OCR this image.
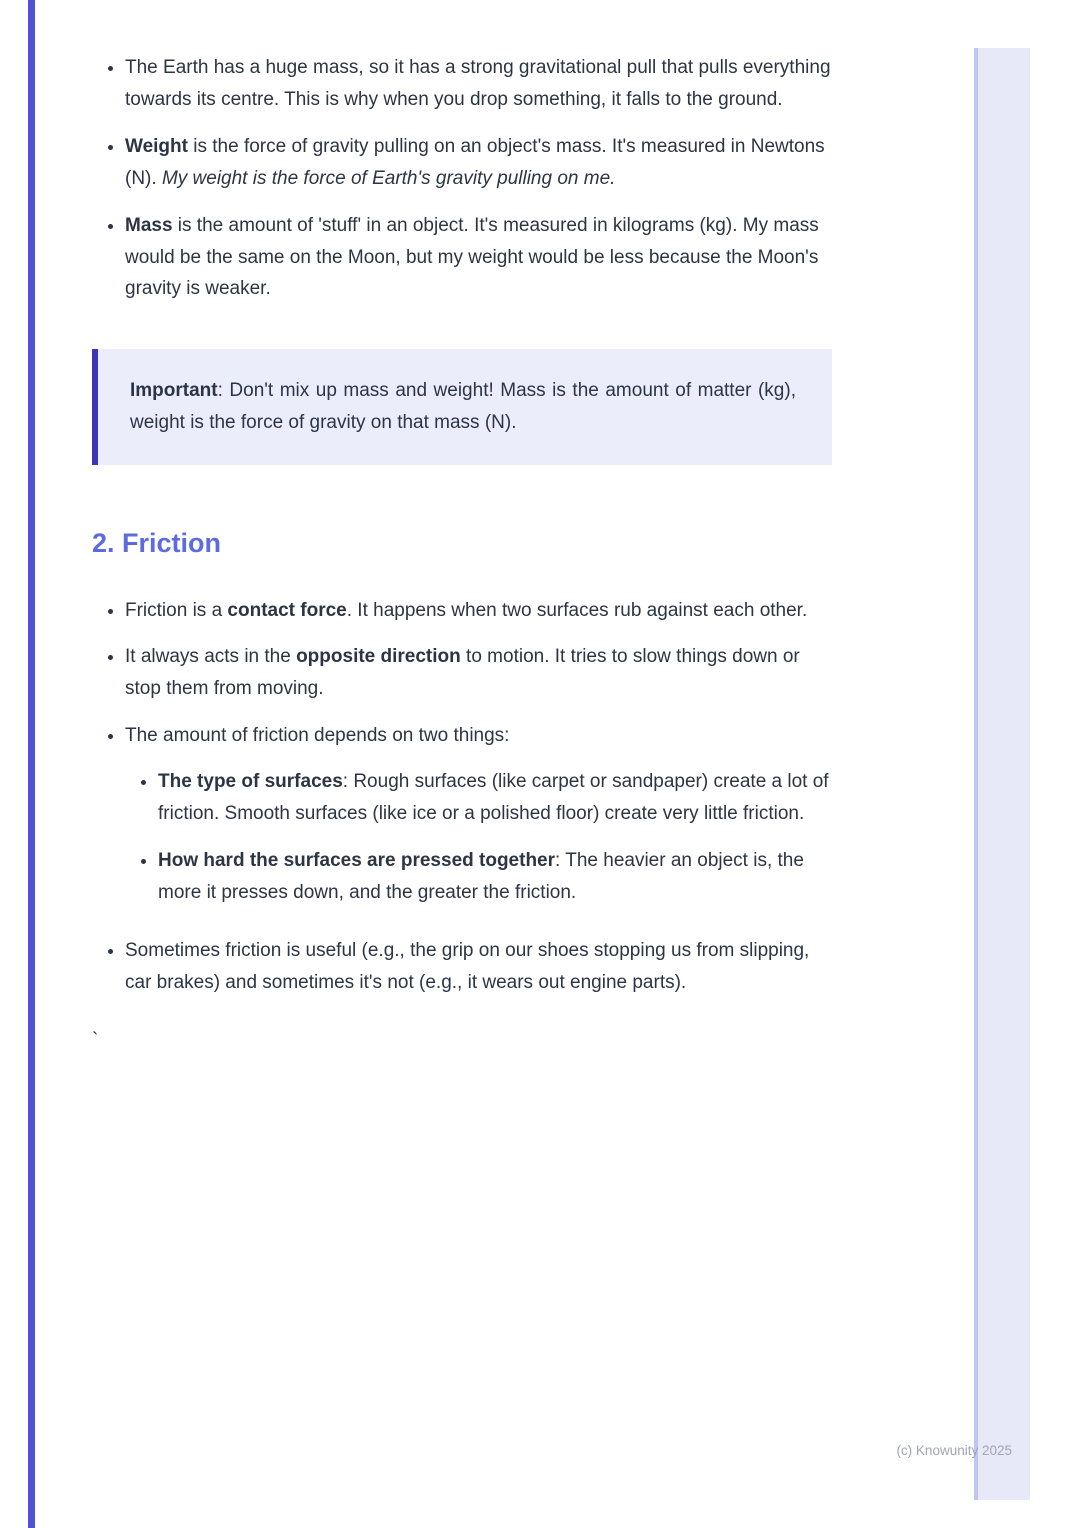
• The Earth has a huge mass, so it has a strong gravitational pull that pulls everything towards its centre. This is why when you drop something, it falls to the ground.
• Weight is the force of gravity pulling on an object's mass. It's measured in Newtons (N). My weight is the force of Earth's gravity pulling on me.
• Mass is the amount of 'stuff' in an object. It's measured in kilograms (kg). My mass would be the same on the Moon, but my weight would be less because the Moon's gravity is weaker.

Important: Don't mix up mass and weight! Mass is the amount of matter (kg), weight is the force of gravity on that mass (N).

2. Friction
• Friction is a contact force. It happens when two surfaces rub against each other.
• It always acts in the opposite direction to motion. It tries to slow things down or stop them from moving.
• The amount of friction depends on two things:
• The type of surfaces: Rough surfaces (like carpet or sandpaper) create a lot of friction. Smooth surfaces (like ice or a polished floor) create very little friction.
• How hard the surfaces are pressed together: The heavier an object is, the more it presses down, and the greater the friction.
• Sometimes friction is useful (e.g., the grip on our shoes stopping us from slipping, car brakes) and sometimes it's not (e.g., it wears out engine parts).
`
(c) Knowunity 2025
